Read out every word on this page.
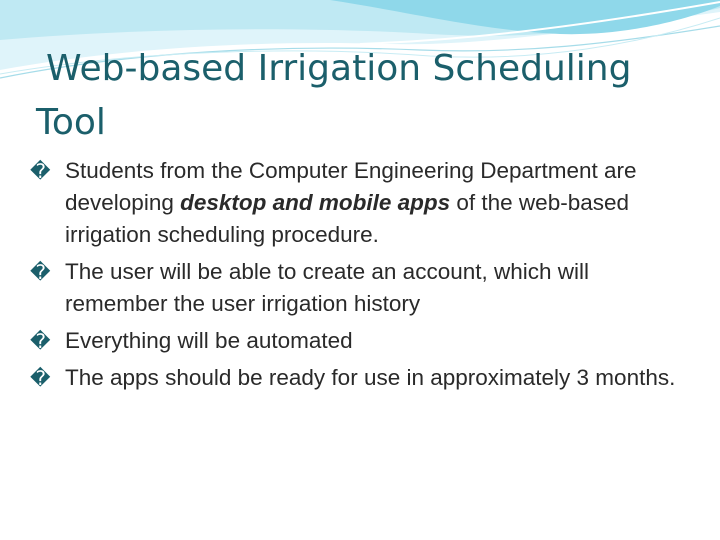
Web-based Irrigation Scheduling
Tool
� Students from the Computer Engineering Department are developing desktop and mobile apps of the web-based irrigation scheduling procedure.
� The user will be able to create an account, which will remember the user irrigation history
� Everything will be automated
� The apps should be ready for use in approximately 3 months.
